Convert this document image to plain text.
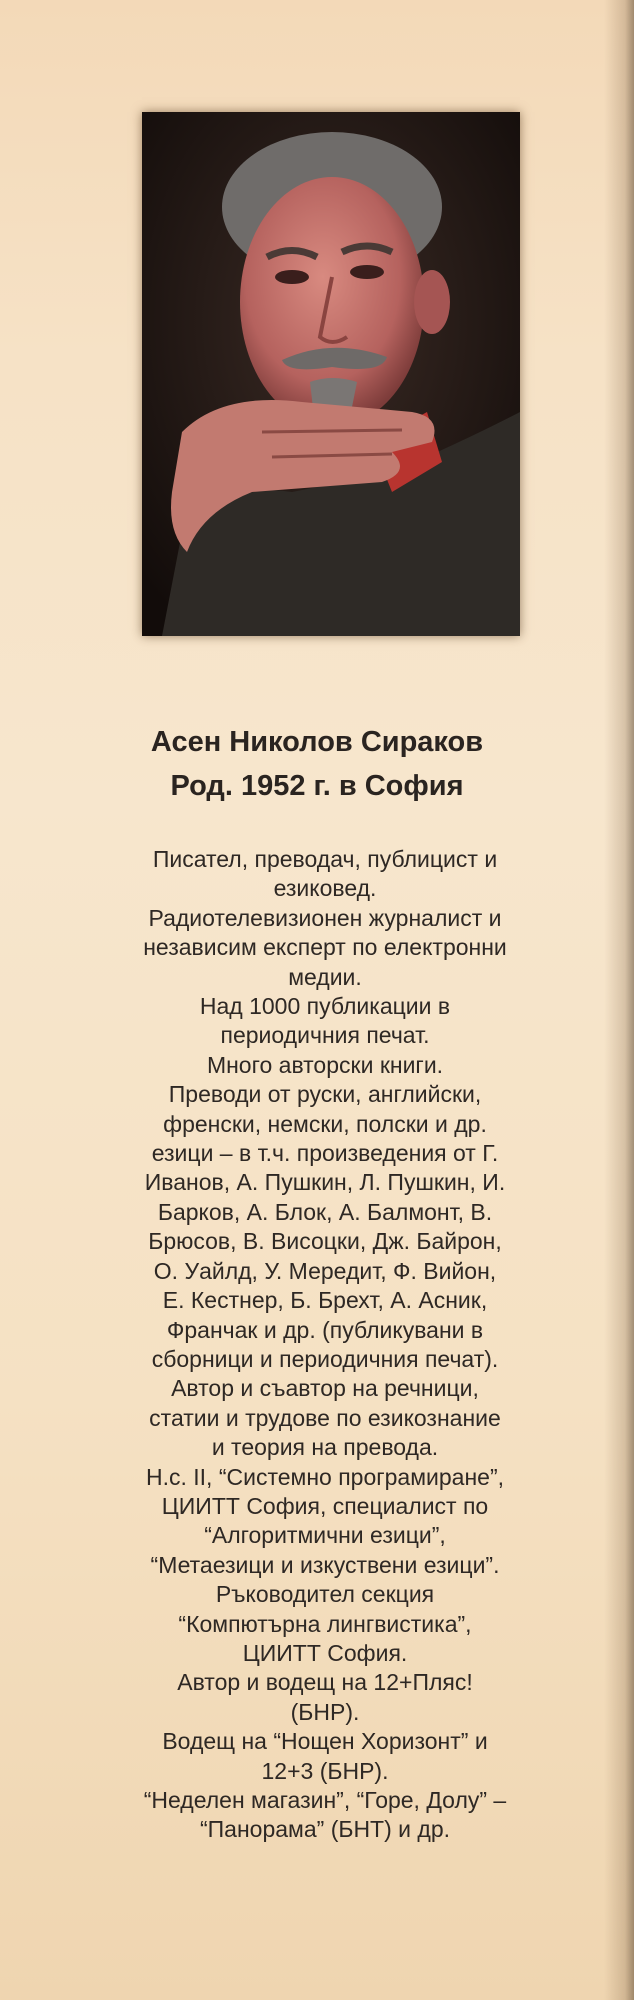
Асен Николов Сираков
Род. 1952 г. в София
Писател, преводач, публицист и
езиковед.
Радиотелевизионен журналист и
независим експерт по електронни
медии.
Над 1000 публикации в
периодичния печат.
Много авторски книги.
Преводи от руски, английски,
френски, немски, полски и др.
езици – в т.ч. произведения от Г.
Иванов, А. Пушкин, Л. Пушкин, И.
Барков, А. Блок, А. Балмонт, В.
Брюсов, В. Висоцки, Дж. Байрон,
О. Уайлд, У. Мередит, Ф. Вийон,
Е. Кестнер, Б. Брехт, А. Асник,
Франчак и др. (публикувани в
сборници и периодичния печат).
Автор и съавтор на речници,
статии и трудове по езикознание
и теория на превода.
Н.с. II, “Системно програмиране”,
ЦИИТТ София, специалист по
“Алгоритмични езици”,
“Метаезици и изкуствени езици”.
Ръководител секция
“Компютърна лингвистика”,
ЦИИТТ София.
Автор и водещ на 12+Пляс!
(БНР).
Водещ на “Нощен Хоризонт” и
12+3 (БНР).
“Неделен магазин”, “Горе, Долу” –
“Панорама” (БНТ) и др.
